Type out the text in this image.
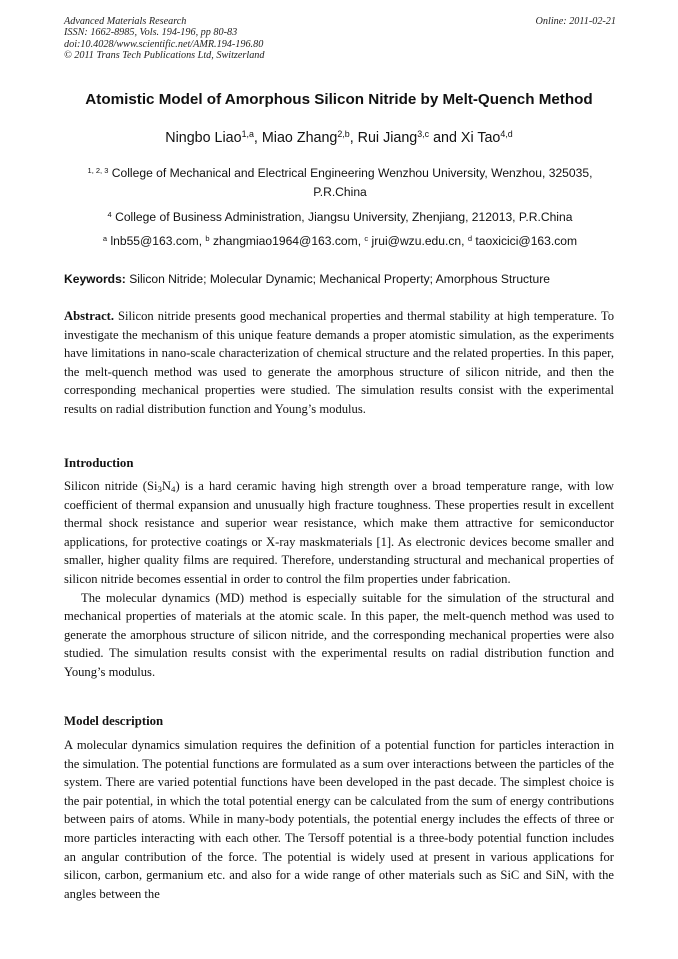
Advanced Materials Research
ISSN: 1662-8985, Vols. 194-196, pp 80-83
doi:10.4028/www.scientific.net/AMR.194-196.80
© 2011 Trans Tech Publications Ltd, Switzerland
Online: 2011-02-21
Atomistic Model of Amorphous Silicon Nitride by Melt-Quench Method
Ningbo Liao$^{1,a}$, Miao Zhang$^{2,b}$, Rui Jiang$^{3,c}$ and Xi Tao$^{4,d}$
$^{1, 2, 3}$ College of Mechanical and Electrical Engineering Wenzhou University, Wenzhou, 325035,
P.R.China
$^4$ College of Business Administration, Jiangsu University, Zhenjiang, 212013, P.R.China
$^a$ lnb55@163.com, $^b$ zhangmiao1964@163.com, $^c$ jrui@wzu.edu.cn, $^d$ taoxicici@163.com
Keywords: Silicon Nitride; Molecular Dynamic; Mechanical Property; Amorphous Structure

Abstract. Silicon nitride presents good mechanical properties and thermal stability at high temperature. To investigate the mechanism of this unique feature demands a proper atomistic simulation, as the experiments have limitations in nano-scale characterization of chemical structure and the related properties. In this paper, the melt-quench method was used to generate the amorphous structure of silicon nitride, and then the corresponding mechanical properties were studied. The simulation results consist with the experimental results on radial distribution function and Young’s modulus.

Introduction

Silicon nitride $(Si_3N_4)$ is a hard ceramic having high strength over a broad temperature range, with low coefficient of thermal expansion and unusually high fracture toughness. These properties result in excellent thermal shock resistance and superior wear resistance, which make them attractive for semiconductor applications, for protective coatings or X-ray maskmaterials [1]. As electronic devices become smaller and smaller, higher quality films are required. Therefore, understanding structural and mechanical properties of silicon nitride becomes essential in order to control the film properties under fabrication.

The molecular dynamics (MD) method is especially suitable for the simulation of the structural and mechanical properties of materials at the atomic scale. In this paper, the melt-quench method was used to generate the amorphous structure of silicon nitride, and the corresponding mechanical properties were also studied. The simulation results consist with the experimental results on radial distribution function and Young’s modulus.

Model description

A molecular dynamics simulation requires the definition of a potential function for particles interaction in the simulation. The potential functions are formulated as a sum over interactions between the particles of the system. There are varied potential functions have been developed in the past decade. The simplest choice is the pair potential, in which the total potential energy can be calculated from the sum of energy contributions between pairs of atoms. While in many-body potentials, the potential energy includes the effects of three or more particles interacting with each other. The Tersoff potential is a three-body potential function includes an angular contribution of the force. The potential is widely used at present in various applications for silicon, carbon, germanium etc. and also for a wide range of other materials such as SiC and SiN, with the angles between the
